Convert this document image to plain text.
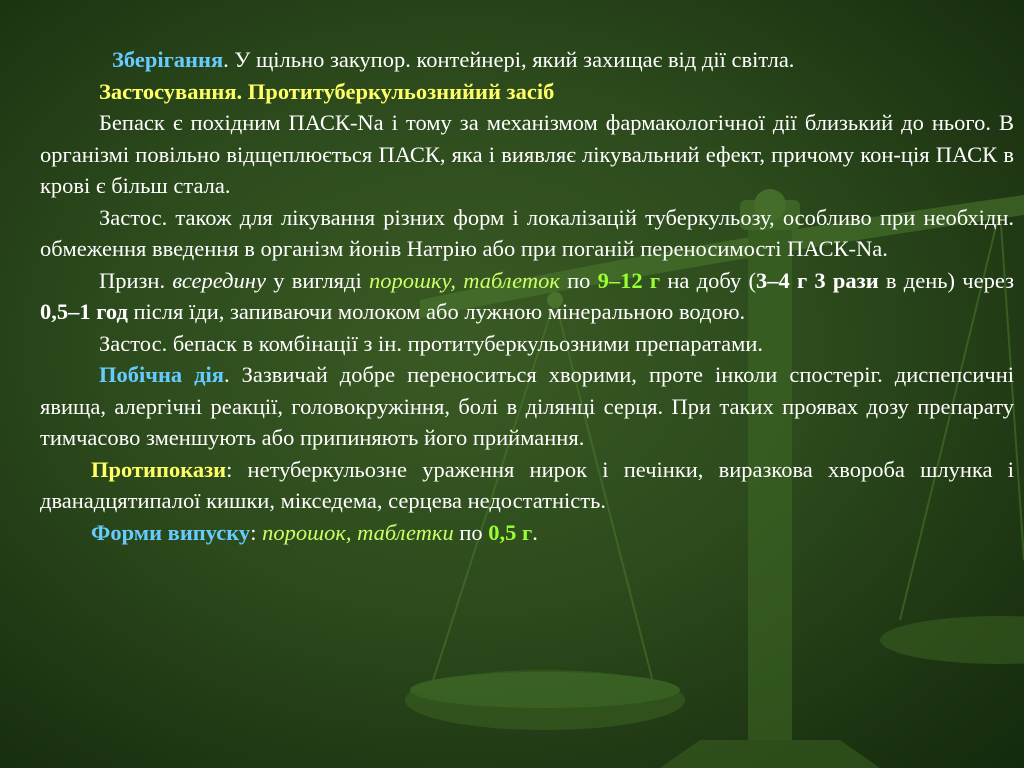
Зберігання. У щільно закупор. контейнері, який захищає від дії світла.

Застосування. Протитуберкульознийий засіб

Бепаск є похідним ПАСК-Na і тому за механізмом фармакологічної дії близький до нього. В організмі повільно відщеплюється ПАСК, яка і виявляє лікувальний ефект, причому кон-ція ПАСК в крові є більш стала.

Застос. також для лікування різних форм і локалізацій туберкульозу, особливо при необхідн. обмеження введення в організм йонів Натрію або при поганій переносимості ПАСК-Na.

Призн. всередину у вигляді порошку, таблеток по 9–12 г на добу (3–4 г 3 рази в день) через 0,5–1 год після їди, запиваючи молоком або лужною мінеральною водою.

Застос. бепаск в комбінації з ін. протитуберкульозними препаратами.

Побічна дія. Зазвичай добре переноситься хворими, проте інколи спостеріг. диспепсичні явища, алергічні реакції, головокружіння, болі в ділянці серця. При таких проявах дозу препарату тимчасово зменшують або припиняють його приймання.

Протипокази: нетуберкульозне ураження нирок і печінки, виразкова хвороба шлунка і дванадцятипалої кишки, мікседема, серцева недостатність.

Форми випуску: порошок, таблетки по 0,5 г.
